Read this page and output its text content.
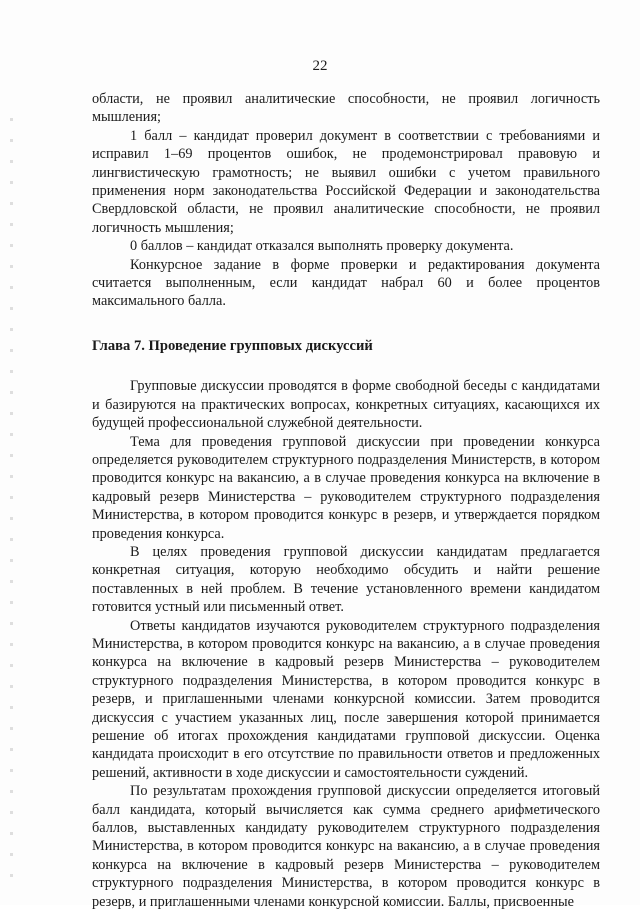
22

области, не проявил аналитические способности, не проявил логичность мышления;

1 балл – кандидат проверил документ в соответствии с требованиями и исправил 1–69 процентов ошибок, не продемонстрировал правовую и лингвистическую грамотность; не выявил ошибки с учетом правильного применения норм законодательства Российской Федерации и законодательства Свердловской области, не проявил аналитические способности, не проявил логичность мышления;

0 баллов – кандидат отказался выполнять проверку документа.

Конкурсное задание в форме проверки и редактирования документа считается выполненным, если кандидат набрал 60 и более процентов максимального балла.

Глава 7. Проведение групповых дискуссий

Групповые дискуссии проводятся в форме свободной беседы с кандидатами и базируются на практических вопросах, конкретных ситуациях, касающихся их будущей профессиональной служебной деятельности.

Тема для проведения групповой дискуссии при проведении конкурса определяется руководителем структурного подразделения Министерств, в котором проводится конкурс на вакансию, а в случае проведения конкурса на включение в кадровый резерв Министерства – руководителем структурного подразделения Министерства, в котором проводится конкурс в резерв, и утверждается порядком проведения конкурса.

В целях проведения групповой дискуссии кандидатам предлагается конкретная ситуация, которую необходимо обсудить и найти решение поставленных в ней проблем. В течение установленного времени кандидатом готовится устный или письменный ответ.

Ответы кандидатов изучаются руководителем структурного подразделения Министерства, в котором проводится конкурс на вакансию, а в случае проведения конкурса на включение в кадровый резерв Министерства – руководителем структурного подразделения Министерства, в котором проводится конкурс в резерв, и приглашенными членами конкурсной комиссии. Затем проводится дискуссия с участием указанных лиц, после завершения которой принимается решение об итогах прохождения кандидатами групповой дискуссии. Оценка кандидата происходит в его отсутствие по правильности ответов и предложенных решений, активности в ходе дискуссии и самостоятельности суждений.

По результатам прохождения групповой дискуссии определяется итоговый балл кандидата, который вычисляется как сумма среднего арифметического баллов, выставленных кандидату руководителем структурного подразделения Министерства, в котором проводится конкурс на вакансию, а в случае проведения конкурса на включение в кадровый резерв Министерства – руководителем структурного подразделения Министерства, в котором проводится конкурс в резерв, и приглашенными членами конкурсной комиссии. Баллы, присвоенные
